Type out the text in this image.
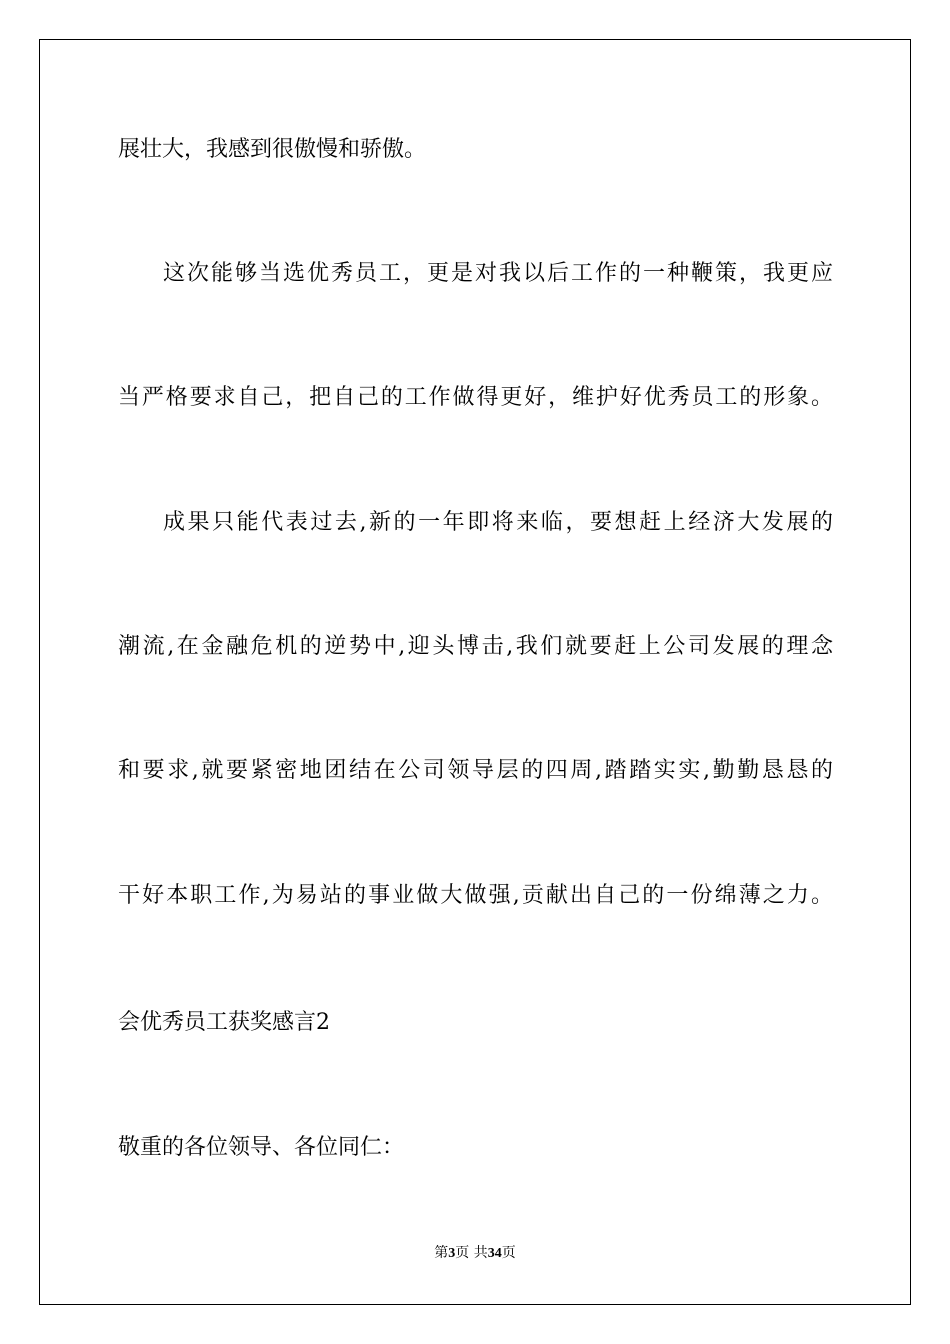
展壮大，我感到很傲慢和骄傲。

这次能够当选优秀员工，更是对我以后工作的一种鞭策，我更应

当严格要求自己，把自己的工作做得更好，维护好优秀员工的形象。

成果只能代表过去,新的一年即将来临，要想赶上经济大发展的

潮流,在金融危机的逆势中,迎头博击,我们就要赶上公司发展的理念

和要求,就要紧密地团结在公司领导层的四周,踏踏实实,勤勤恳恳的

干好本职工作,为易站的事业做大做强,贡献出自己的一份绵薄之力。

会优秀员工获奖感言2

敬重的各位领导、各位同仁：

第3页 共34页
